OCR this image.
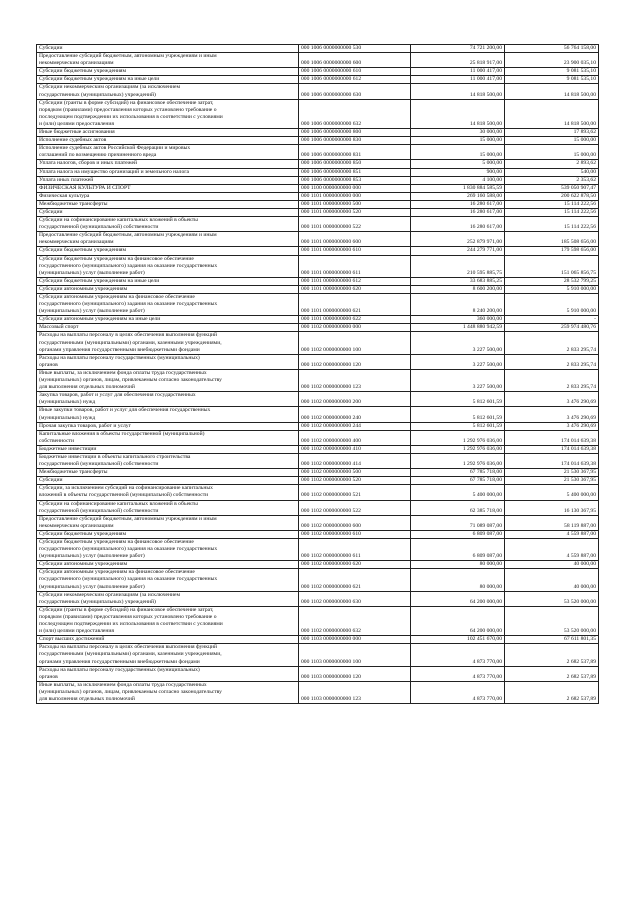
Субсидии	000 1006 0000000000 530	74 721 200,00	56 764 158,00

Предоставление субсидий бюджетным, автономным учреждениям и иным
некоммерческим организациям	000 1006 0000000000 600	25 818 917,00	23 900 035,10

Субсидии бюджетным учреждениям	000 1006 0000000000 610	11 000 417,00	9 081 535,10

Субсидии бюджетным учреждениям на иные цели	000 1006 0000000000 612	11 000 417,00	9 081 535,10

Субсидии некоммерческим организациям (за исключением
государственных (муниципальных) учреждений)	000 1006 0000000000 630	14 818 500,00	14 818 500,00

Субсидии (гранты в форме субсидий) на финансовое обеспечение затрат,
порядком (правилами) предоставления которых установлено требование о
последующем подтверждении их использования в соответствии с условиями
и (или) целями предоставления	000 1006 0000000000 632	14 818 500,00	14 818 500,00

Иные бюджетные ассигнования	000 1006 0000000000 800	30 000,00	17 893,62

Исполнение судебных актов	000 1006 0000000000 830	15 000,00	15 000,00

Исполнение судебных актов Российской Федерации и мировых
соглашений по возмещению причиненного вреда	000 1006 0000000000 831	15 000,00	15 000,00

Уплата налогов, сборов и иных платежей	000 1006 0000000000 850	5 000,00	2 893,62

Уплата налога на имущество организаций и земельного налога	000 1006 0000000000 851	900,00	540,00

Уплата иных платежей	000 1006 0000000000 853	4 100,00	2 353,62

ФИЗИЧЕСКАЯ КУЛЬТУРА И СПОРТ	000 1100 0000000000 000	1 830 884 585,59	539 050 907,47

Физическая культура	000 1101 0000000000 000	269 160 588,00	200 622 878,50

Межбюджетные трансферты	000 1101 0000000000 500	16 280 617,00	15 114 222,56

Субсидии	000 1101 0000000000 520	16 280 617,00	15 114 222,56

Субсидии на софинансирование капитальных вложений в объекты
государственной (муниципальной) собственности	000 1101 0000000000 522	16 280 617,00	15 114 222,56

Предоставление субсидий бюджетным, автономным учреждениям и иным
некоммерческим организациям	000 1101 0000000000 600	252 879 971,00	185 508 656,00

Субсидии бюджетным учреждениям	000 1101 0000000000 610	244 279 771,00	179 598 656,00

Субсидии бюджетным учреждениям на финансовое обеспечение
государственного (муниципального) задания на оказание государственных
(муниципальных) услуг (выполнение работ)	000 1101 0000000000 611	210 595 885,75	151 065 856,75

Субсидии бюджетным учреждениям на иные цели	000 1101 0000000000 612	33 683 885,25	28 532 799,25

Субсидии автономным учреждениям	000 1101 0000000000 620	8 600 200,00	5 910 000,00

Субсидии автономным учреждениям на финансовое обеспечение
государственного (муниципального) задания на оказание государственных
(муниципальных) услуг (выполнение работ)	000 1101 0000000000 621	8 240 200,00	5 910 000,00

Субсидии автономным учреждениям на иные цели	000 1101 0000000000 622	360 000,00	-

Массовый спорт	000 1102 0000000000 000	1 448 880 942,59	259 974 480,76

Расходы на выплаты персоналу в целях обеспечения выполнения функций
государственными (муниципальными) органами, казенными учреждениями,
органами управления государственными внебюджетными фондами	000 1102 0000000000 100	3 227 500,00	2 833 295,74

Расходы на выплаты персоналу государственных (муниципальных)
органов	000 1102 0000000000 120	3 227 500,00	2 833 295,74

Иные выплаты, за исключением фонда оплаты труда государственных
(муниципальных) органов, лицам, привлекаемым согласно законодательству
для выполнения отдельных полномочий	000 1102 0000000000 123	3 227 500,00	2 833 295,74

Закупка товаров, работ и услуг для обеспечения государственных
(муниципальных) нужд	000 1102 0000000000 200	5 812 601,59	3 476 290,69

Иные закупки товаров, работ и услуг для обеспечения государственных
(муниципальных) нужд	000 1102 0000000000 240	5 812 601,59	3 476 290,69

Прочая закупка товаров, работ и услуг	000 1102 0000000000 244	5 812 601,59	3 476 290,69

Капитальные вложения в объекты государственной (муниципальной)
собственности	000 1102 0000000000 400	1 292 976 036,00	174 014 639,38

Бюджетные инвестиции	000 1102 0000000000 410	1 292 976 036,00	174 014 639,38

Бюджетные инвестиции в объекты капитального строительства
государственной (муниципальной) собственности	000 1102 0000000000 414	1 292 976 036,00	174 014 639,38

Межбюджетные трансферты	000 1102 0000000000 500	67 785 718,00	21 530 367,95

Субсидии	000 1102 0000000000 520	67 785 718,00	21 530 367,95

Субсидии, за исключением субсидий на софинансирование капитальных
вложений в объекты государственной (муниципальной) собственности	000 1102 0000000000 521	5 400 000,00	5 400 000,00

Субсидии на софинансирование капитальных вложений в объекты
государственной (муниципальной) собственности	000 1102 0000000000 522	62 385 718,00	16 130 367,95

Предоставление субсидий бюджетным, автономным учреждениям и иным
некоммерческим организациям	000 1102 0000000000 600	71 089 087,00	58 119 887,00

Субсидии бюджетным учреждениям	000 1102 0000000000 610	6 809 087,00	4 559 887,00

Субсидии бюджетным учреждениям на финансовое обеспечение
государственного (муниципального) задания на оказание государственных
(муниципальных) услуг (выполнение работ)	000 1102 0000000000 611	6 809 087,00	4 559 887,00

Субсидии автономным учреждениям	000 1102 0000000000 620	80 000,00	40 000,00

Субсидии автономным учреждениям на финансовое обеспечение
государственного (муниципального) задания на оказание государственных
(муниципальных) услуг (выполнение работ)	000 1102 0000000000 621	80 000,00	40 000,00

Субсидии некоммерческим организациям (за исключением
государственных (муниципальных) учреждений)	000 1102 0000000000 630	64 200 000,00	53 520 000,00

Субсидии (гранты в форме субсидий) на финансовое обеспечение затрат,
порядком (правилами) предоставления которых установлено требование о
последующем подтверждении их использования в соответствии с условиями
и (или) целями предоставления	000 1102 0000000000 632	64 200 000,00	53 520 000,00

Спорт высших достижений	000 1103 0000000000 000	102 451 670,00	67 611 801,35

Расходы на выплаты персоналу в целях обеспечения выполнения функций
государственными (муниципальными) органами, казенными учреждениями,
органами управления государственными внебюджетными фондами	000 1103 0000000000 100	4 873 770,00	2 682 537,89

Расходы на выплаты персоналу государственных (муниципальных)
органов	000 1103 0000000000 120	4 873 770,00	2 682 537,89

Иные выплаты, за исключением фонда оплаты труда государственных
(муниципальных) органов, лицам, привлекаемым согласно законодательству
для выполнения отдельных полномочий	000 1103 0000000000 123	4 873 770,00	2 682 537,89
